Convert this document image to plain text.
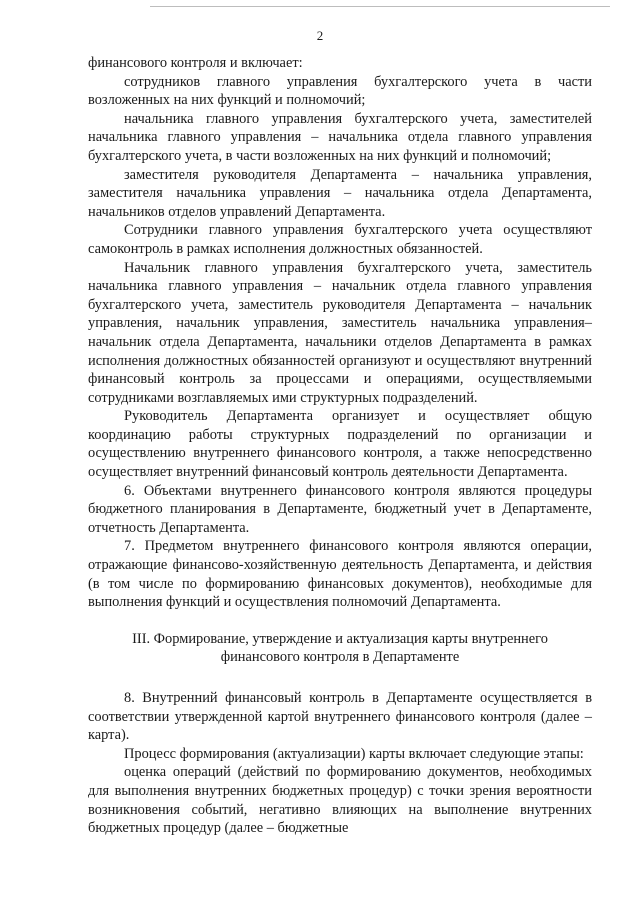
2

финансового контроля и включает:

сотрудников главного управления бухгалтерского учета в части возложенных на них функций и полномочий;

начальника главного управления бухгалтерского учета, заместителей начальника главного управления – начальника отдела главного управления бухгалтерского учета, в части возложенных на них функций и полномочий;

заместителя руководителя Департамента – начальника управления, заместителя начальника управления – начальника отдела Департамента, начальников отделов управлений Департамента.

Сотрудники главного управления бухгалтерского учета осуществляют самоконтроль в рамках исполнения должностных обязанностей.

Начальник главного управления бухгалтерского учета, заместитель начальника главного управления – начальник отдела главного управления бухгалтерского учета, заместитель руководителя Департамента – начальник управления, начальник управления, заместитель начальника управления– начальник отдела Департамента, начальники отделов Департамента в рамках исполнения должностных обязанностей организуют и осуществляют внутренний финансовый контроль за процессами и операциями, осуществляемыми сотрудниками возглавляемых ими структурных подразделений.

Руководитель Департамента организует и осуществляет общую координацию работы структурных подразделений по организации и осуществлению внутреннего финансового контроля, а также непосредственно осуществляет внутренний финансовый контроль деятельности Департамента.

6. Объектами внутреннего финансового контроля являются процедуры бюджетного планирования в Департаменте, бюджетный учет в Департаменте, отчетность Департамента.

7. Предметом внутреннего финансового контроля являются операции, отражающие финансово-хозяйственную деятельность Департамента, и действия (в том числе по формированию финансовых документов), необходимые для выполнения функций и осуществления полномочий Департамента.

III. Формирование, утверждение и актуализация карты внутреннего
финансового контроля в Департаменте

8. Внутренний финансовый контроль в Департаменте осуществляется в соответствии утвержденной картой внутреннего финансового контроля (далее – карта).

Процесс формирования (актуализации) карты включает следующие этапы:

оценка операций (действий по формированию документов, необходимых для выполнения внутренних бюджетных процедур) с точки зрения вероятности возникновения событий, негативно влияющих на выполнение внутренних бюджетных процедур (далее – бюджетные
